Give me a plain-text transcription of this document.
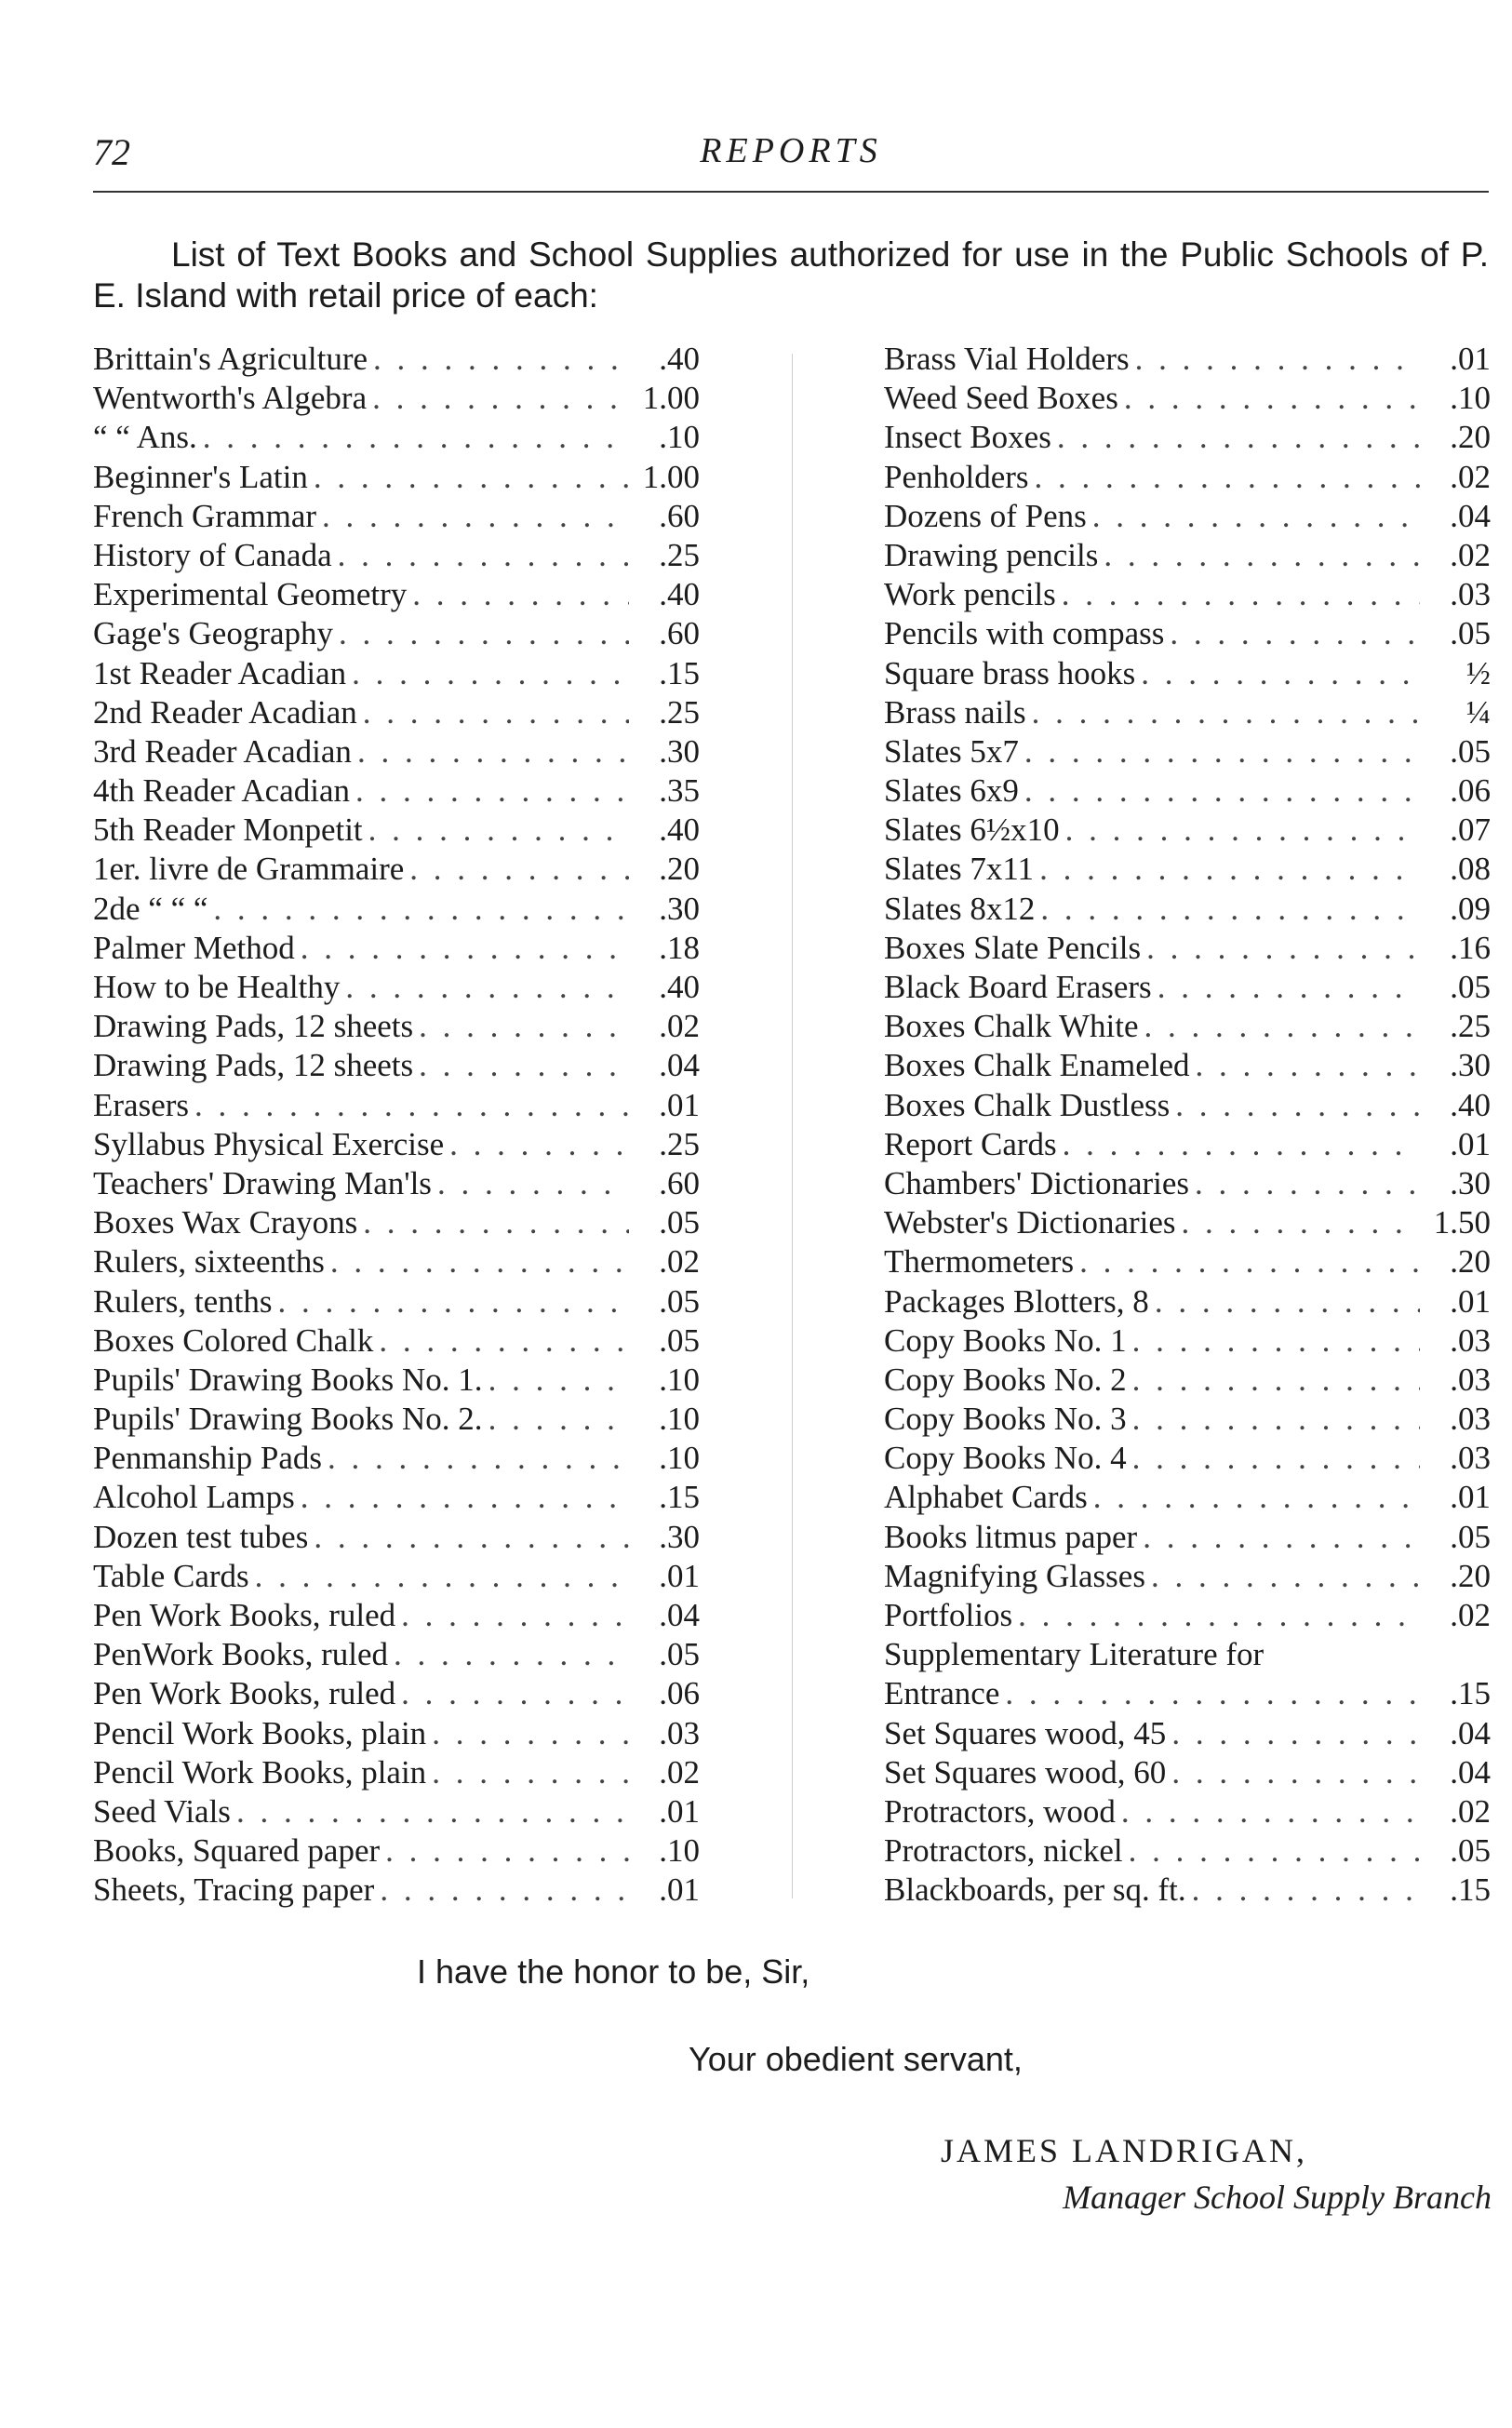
72	REPORTS

List of Text Books and School Supplies authorized for use in the Public Schools of P. E. Island with retail price of each:

Brittain's Agriculture . . .	.40
Wentworth's Algebra . . .	1.00
“ “ Ans. . . .	.10
Beginner's Latin . . .	1.00
French Grammar . . .	.60
History of Canada . . .	.25
Experimental Geometry . . .	.40
Gage's Geography . . .	.60
1st Reader Acadian . . .	.15
2nd Reader Acadian . . .	.25
3rd Reader Acadian . . .	.30
4th Reader Acadian . . .	.35
5th Reader Monpetit . . .	.40
1er. livre de Grammaire . . .	.20
2de “ “ “ . . .	.30
Palmer Method . . .	.18
How to be Healthy . . .	.40
Drawing Pads, 12 sheets . . .	.02
Drawing Pads, 12 sheets . . .	.04
Erasers . . .	.01
Syllabus Physical Exercise . . .	.25
Teachers' Drawing Man'ls . . .	.60
Boxes Wax Crayons . . .	.05
Rulers, sixteenths . . .	.02
Rulers, tenths . . .	.05
Boxes Colored Chalk . . .	.05
Pupils' Drawing Books No. 1. . . .	.10
Pupils' Drawing Books No. 2. . . .	.10
Penmanship Pads . . .	.10
Alcohol Lamps . . .	.15
Dozen test tubes . . .	.30
Table Cards . . .	.01
Pen Work Books, ruled . . .	.04
PenWork Books, ruled . . .	.05
Pen Work Books, ruled . . .	.06
Pencil Work Books, plain . . .	.03
Pencil Work Books, plain . . .	.02
Seed Vials . . .	.01
Books, Squared paper . . .	.10
Sheets, Tracing paper . . .	.01
Brass Vial Holders . . .	.01
Weed Seed Boxes . . .	.10
Insect Boxes . . .	.20
Penholders . . .	.02
Dozens of Pens . . .	.04
Drawing pencils . . .	.02
Work pencils . . .	.03
Pencils with compass . . .	.05
Square brass hooks . . .	½
Brass nails . . .	¼
Slates 5x7 . . .	.05
Slates 6x9 . . .	.06
Slates 6½x10 . . .	.07
Slates 7x11 . . .	.08
Slates 8x12 . . .	.09
Boxes Slate Pencils . . .	.16
Black Board Erasers . . .	.05
Boxes Chalk White . . .	.25
Boxes Chalk Enameled . . .	.30
Boxes Chalk Dustless . . .	.40
Report Cards . . .	.01
Chambers' Dictionaries . . .	.30
Webster's Dictionaries . . .	1.50
Thermometers . . .	.20
Packages Blotters, 8 . . .	.01
Copy Books No. 1 . . .	.03
Copy Books No. 2 . . .	.03
Copy Books No. 3 . . .	.03
Copy Books No. 4 . . .	.03
Alphabet Cards . . .	.01
Books litmus paper . . .	.05
Magnifying Glasses . . .	.20
Portfolios . . .	.02
Supplementary Literature for
Entrance . . .	.15
Set Squares wood, 45 . . .	.04
Set Squares wood, 60 . . .	.04
Protractors, wood . . .	.02
Protractors, nickel . . .	.05
Blackboards, per sq. ft. . . .	.15
I have the honor to be, Sir,
Your obedient servant,
JAMES LANDRIGAN,
Manager School Supply Branch
